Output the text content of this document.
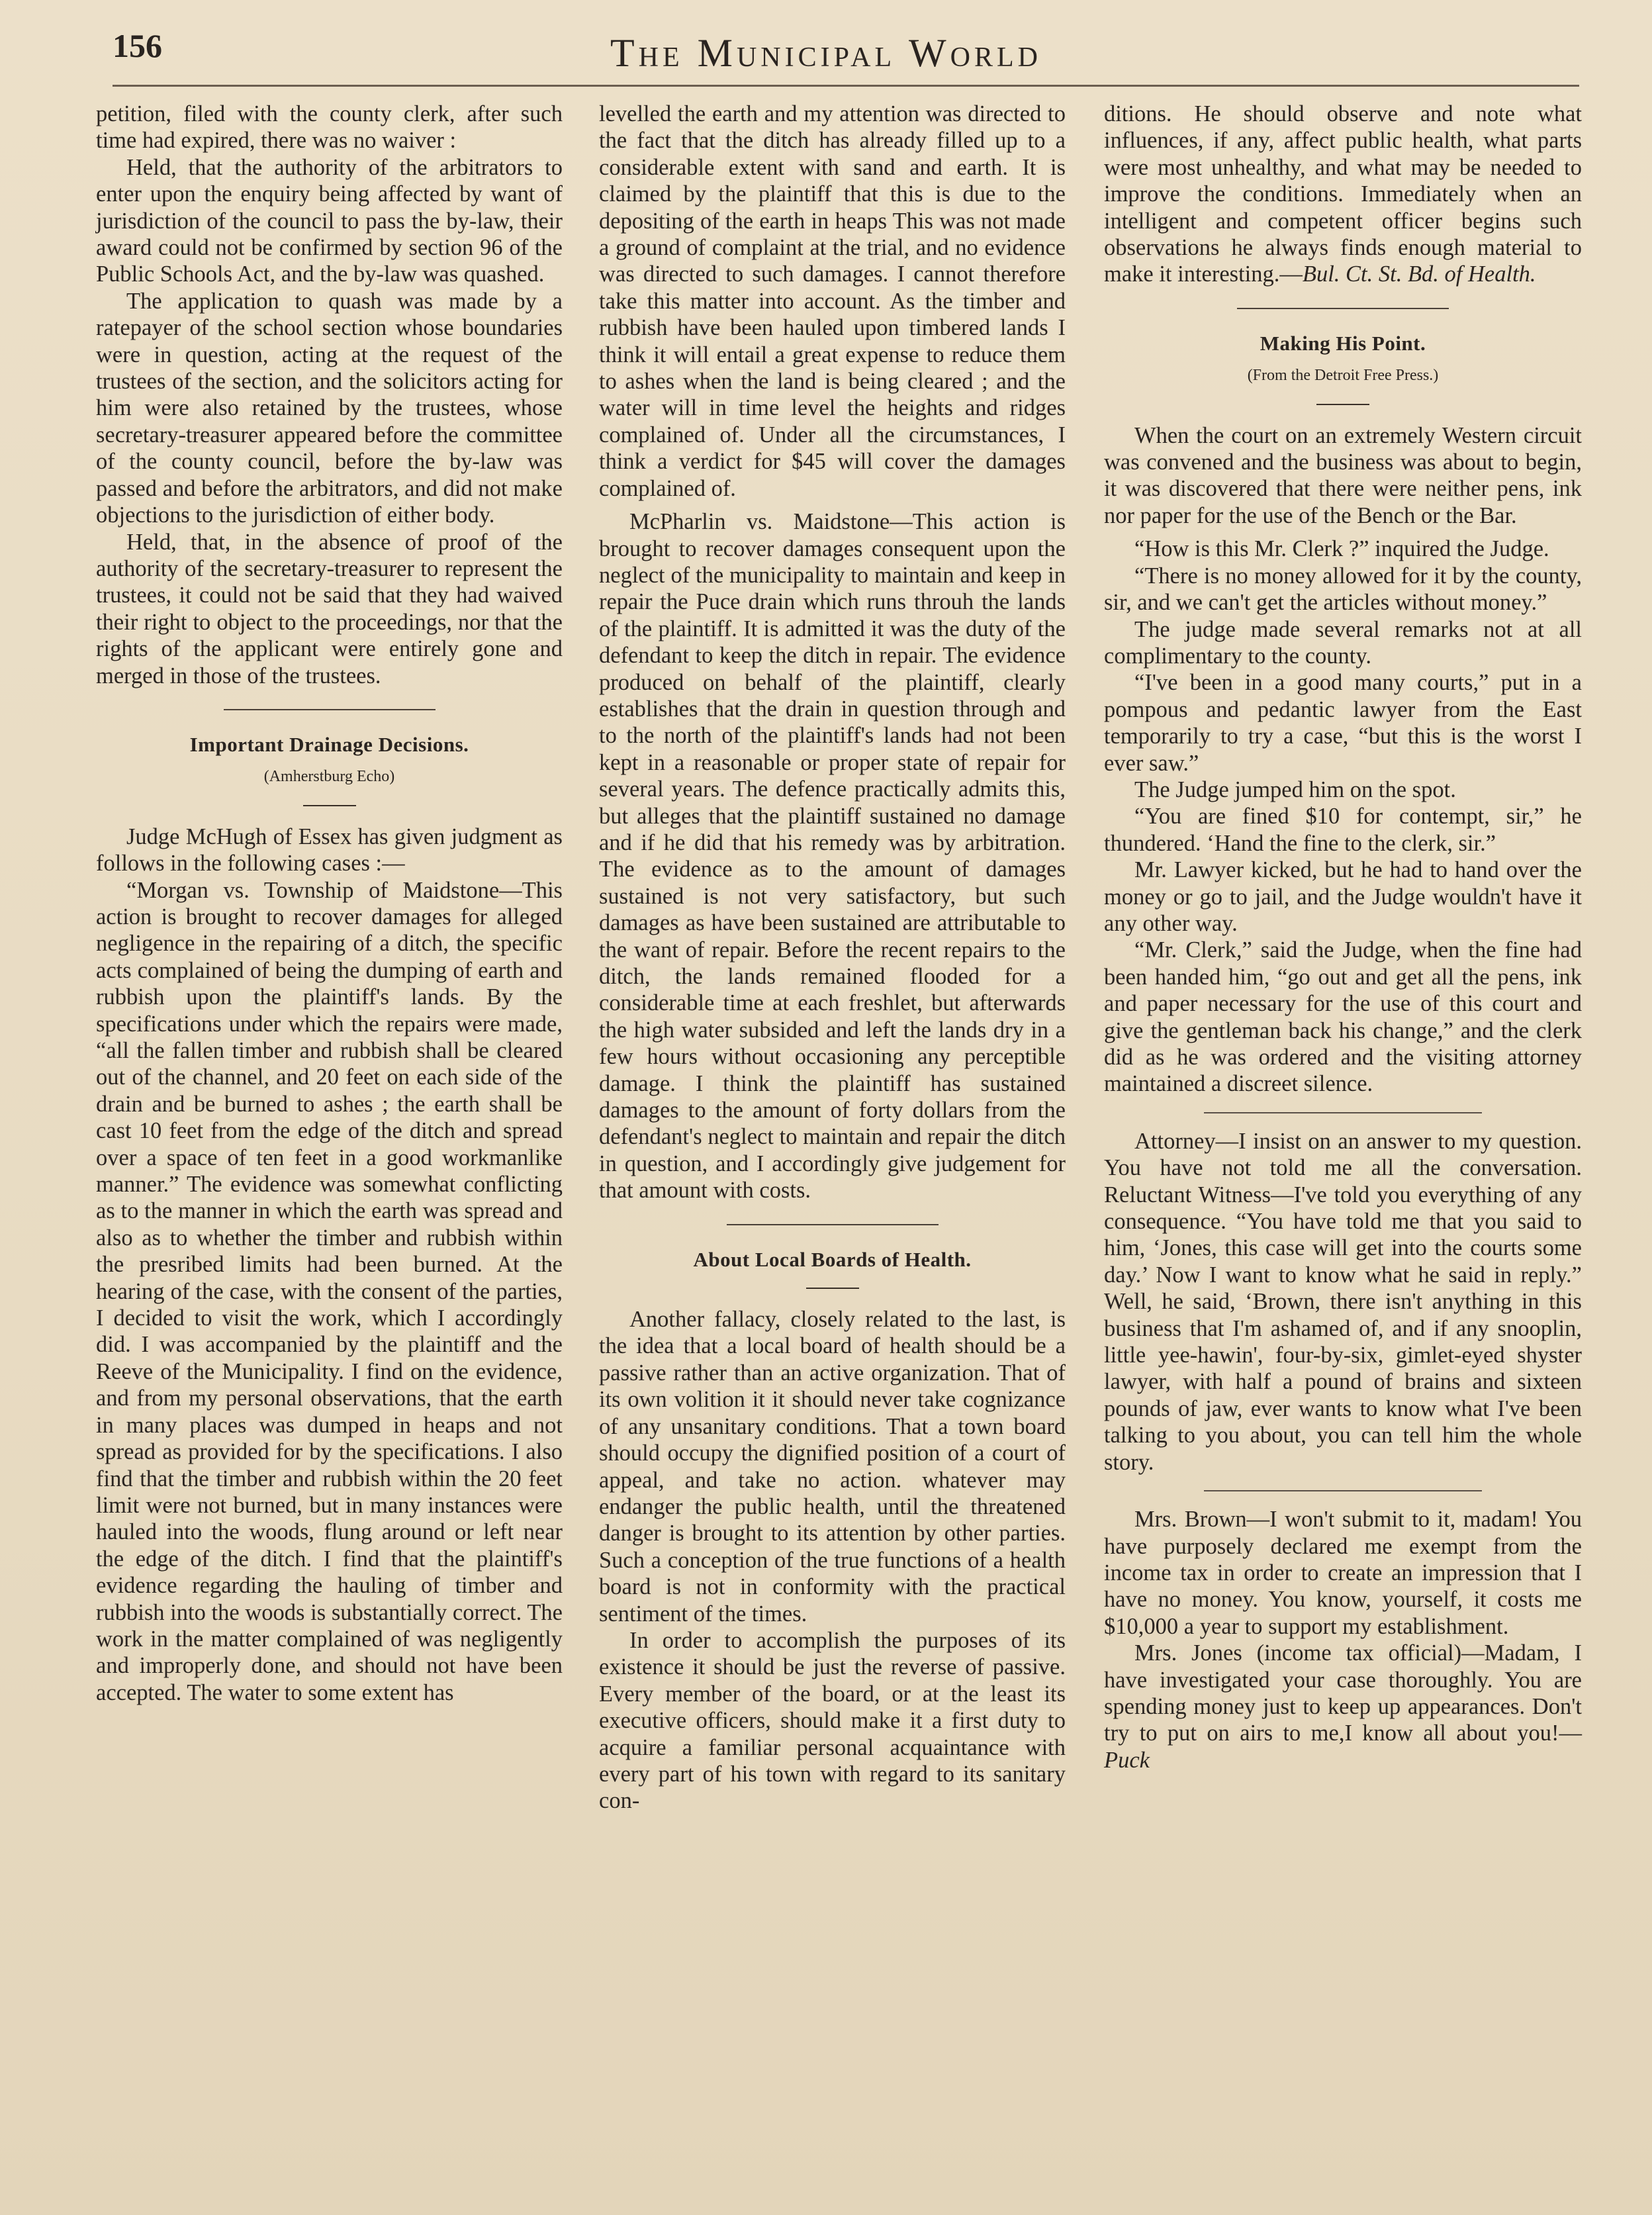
156	The Municipal World

petition, filed with the county clerk, after such time had expired, there was no waiver :

Held, that the authority of the arbitrators to enter upon the enquiry being affected by want of jurisdiction of the council to pass the by-law, their award could not be confirmed by section 96 of the Public Schools Act, and the by-law was quashed.

The application to quash was made by a ratepayer of the school section whose boundaries were in question, acting at the request of the trustees of the section, and the solicitors acting for him were also retained by the trustees, whose secretary-treasurer appeared before the committee of the county council, before the by-law was passed and before the arbitrators, and did not make objections to the jurisdiction of either body.

Held, that, in the absence of proof of the authority of the secretary-treasurer to represent the trustees, it could not be said that they had waived their right to object to the proceedings, nor that the rights of the applicant were entirely gone and merged in those of the trustees.

Important Drainage Decisions.
(Amherstburg Echo)

Judge McHugh of Essex has given judgment as follows in the following cases :—

“Morgan vs. Township of Maidstone—This action is brought to recover damages for alleged negligence in the repairing of a ditch, the specific acts complained of being the dumping of earth and rubbish upon the plaintiff's lands. By the specifications under which the repairs were made, “all the fallen timber and rubbish shall be cleared out of the channel, and 20 feet on each side of the drain and be burned to ashes ; the earth shall be cast 10 feet from the edge of the ditch and spread over a space of ten feet in a good workmanlike manner.” The evidence was somewhat conflicting as to the manner in which the earth was spread and also as to whether the timber and rubbish within the presribed limits had been burned. At the hearing of the case, with the consent of the parties, I decided to visit the work, which I accordingly did. I was accompanied by the plaintiff and the Reeve of the Municipality. I find on the evidence, and from my personal observations, that the earth in many places was dumped in heaps and not spread as provided for by the specifications. I also find that the timber and rubbish within the 20 feet limit were not burned, but in many instances were hauled into the woods, flung around or left near the edge of the ditch. I find that the plaintiff's evidence regarding the hauling of timber and rubbish into the woods is substantially correct. The work in the matter complained of was negligently and improperly done, and should not have been accepted. The water to some extent has

levelled the earth and my attention was directed to the fact that the ditch has already filled up to a considerable extent with sand and earth. It is claimed by the plaintiff that this is due to the depositing of the earth in heaps This was not made a ground of complaint at the trial, and no evidence was directed to such damages. I cannot therefore take this matter into account. As the timber and rubbish have been hauled upon timbered lands I think it will entail a great expense to reduce them to ashes when the land is being cleared ; and the water will in time level the heights and ridges complained of. Under all the circumstances, I think a verdict for $45 will cover the damages complained of.

McPharlin vs. Maidstone—This action is brought to recover damages consequent upon the neglect of the municipality to maintain and keep in repair the Puce drain which runs throuh the lands of the plaintiff. It is admitted it was the duty of the defendant to keep the ditch in repair. The evidence produced on behalf of the plaintiff, clearly establishes that the drain in question through and to the north of the plaintiff's lands had not been kept in a reasonable or proper state of repair for several years. The defence practically admits this, but alleges that the plaintiff sustained no damage and if he did that his remedy was by arbitration. The evidence as to the amount of damages sustained is not very satisfactory, but such damages as have been sustained are attributable to the want of repair. Before the recent repairs to the ditch, the lands remained flooded for a considerable time at each freshlet, but afterwards the high water subsided and left the lands dry in a few hours without occasioning any perceptible damage. I think the plaintiff has sustained damages to the amount of forty dollars from the defendant's neglect to maintain and repair the ditch in question, and I accordingly give judgement for that amount with costs.

About Local Boards of Health.

Another fallacy, closely related to the last, is the idea that a local board of health should be a passive rather than an active organization. That of its own volition it it should never take cognizance of any unsanitary conditions. That a town board should occupy the dignified position of a court of appeal, and take no action. whatever may endanger the public health, until the threatened danger is brought to its attention by other parties. Such a conception of the true functions of a health board is not in conformity with the practical sentiment of the times.

In order to accomplish the purposes of its existence it should be just the reverse of passive. Every member of the board, or at the least its executive officers, should make it a first duty to acquire a familiar personal acquaintance with every part of his town with regard to its sanitary con-

ditions. He should observe and note what influences, if any, affect public health, what parts were most unhealthy, and what may be needed to improve the conditions. Immediately when an intelligent and competent officer begins such observations he always finds enough material to make it interesting.—Bul. Ct. St. Bd. of Health.

Making His Point.
(From the Detroit Free Press.)

When the court on an extremely Western circuit was convened and the business was about to begin, it was discovered that there were neither pens, ink nor paper for the use of the Bench or the Bar.

“How is this Mr. Clerk ?” inquired the Judge.

“There is no money allowed for it by the county, sir, and we can't get the articles without money.”

The judge made several remarks not at all complimentary to the county.

“I've been in a good many courts,” put in a pompous and pedantic lawyer from the East temporarily to try a case, “but this is the worst I ever saw.”

The Judge jumped him on the spot.

“You are fined $10 for contempt, sir,” he thundered. ‘Hand the fine to the clerk, sir.”

Mr. Lawyer kicked, but he had to hand over the money or go to jail, and the Judge wouldn't have it any other way.

“Mr. Clerk,” said the Judge, when the fine had been handed him, “go out and get all the pens, ink and paper necessary for the use of this court and give the gentleman back his change,” and the clerk did as he was ordered and the visiting attorney maintained a discreet silence.

Attorney—I insist on an answer to my question. You have not told me all the conversation. Reluctant Witness—I've told you everything of any consequence. “You have told me that you said to him, ‘Jones, this case will get into the courts some day.’ Now I want to know what he said in reply.” Well, he said, ‘Brown, there isn't anything in this business that I'm ashamed of, and if any snooplin, little yee-hawin', four-by-six, gimlet-eyed shyster lawyer, with half a pound of brains and sixteen pounds of jaw, ever wants to know what I've been talking to you about, you can tell him the whole story.

Mrs. Brown—I won't submit to it, madam! You have purposely declared me exempt from the income tax in order to create an impression that I have no money. You know, yourself, it costs me $10,000 a year to support my establishment.

Mrs. Jones (income tax official)—Madam, I have investigated your case thoroughly. You are spending money just to keep up appearances. Don't try to put on airs to me,I know all about you!—Puck
